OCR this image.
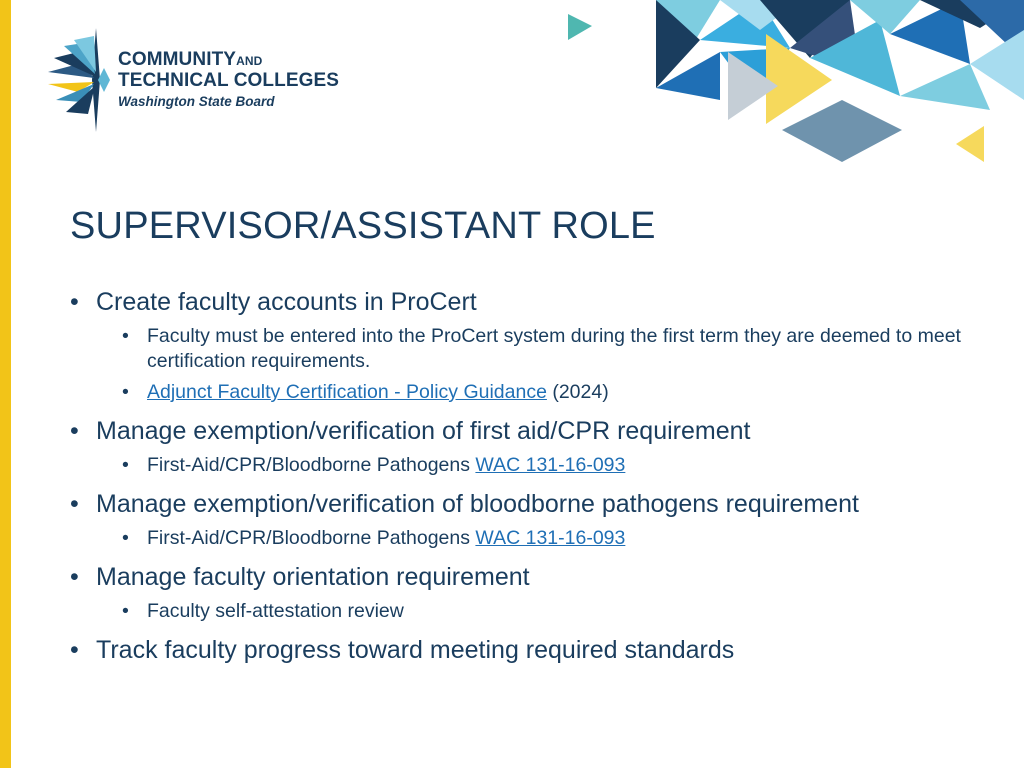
COMMUNITYAND
TECHNICAL COLLEGES
Washington State Board
SUPERVISOR/ASSISTANT ROLE
• Create faculty accounts in ProCert
• Faculty must be entered into the ProCert system during the first term they are deemed to meet certification requirements.
• Adjunct Faculty Certification - Policy Guidance (2024)
• Manage exemption/verification of first aid/CPR requirement
• First-Aid/CPR/Bloodborne Pathogens WAC 131-16-093
• Manage exemption/verification of bloodborne pathogens requirement
• First-Aid/CPR/Bloodborne Pathogens WAC 131-16-093
• Manage faculty orientation requirement
• Faculty self-attestation review
• Track faculty progress toward meeting required standards
